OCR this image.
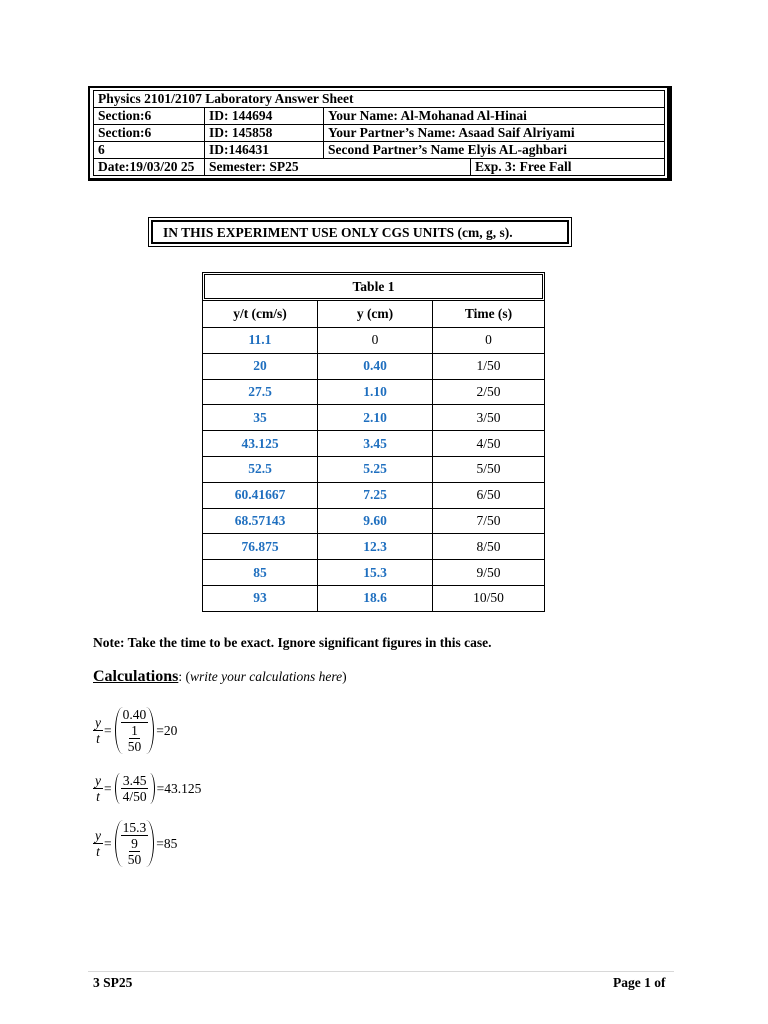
Physics 2101/2107 Laboratory Answer Sheet			
Section:6	ID: 144694	Your Name: Al-Mohanad Al-Hinai	
Section:6	ID: 145858	Your Partner’s Name: Asaad Saif Alriyami	
6	ID:146431	Second Partner’s Name Elyis AL-aghbari	
Date:19/03/20 25	Semester: SP25		Exp. 3: Free Fall
IN THIS EXPERIMENT USE ONLY CGS UNITS (cm, g, s).
Table 1		
y/t (cm/s)	y (cm)	Time (s)
11.1	0	0
20	0.40	1/50
27.5	1.10	2/50
35	2.10	3/50
43.125	3.45	4/50
52.5	5.25	5/50
60.41667	7.25	6/50
68.57143	9.60	7/50
76.875	12.3	8/50
85	15.3	9/50
93	18.6	10/50
Note: Take the time to be exact. Ignore significant figures in this case.
Calculations: (write your calculations here)
$\frac{y}{t} = \frac{0.40}{\frac{1}{50}} =20$
$\frac{y}{t} = \frac{3.45}{4/50} =43.125$
$\frac{y}{t} = \frac{15.3}{\frac{9}{50}} =85$
3 SP25	Page 1 of
